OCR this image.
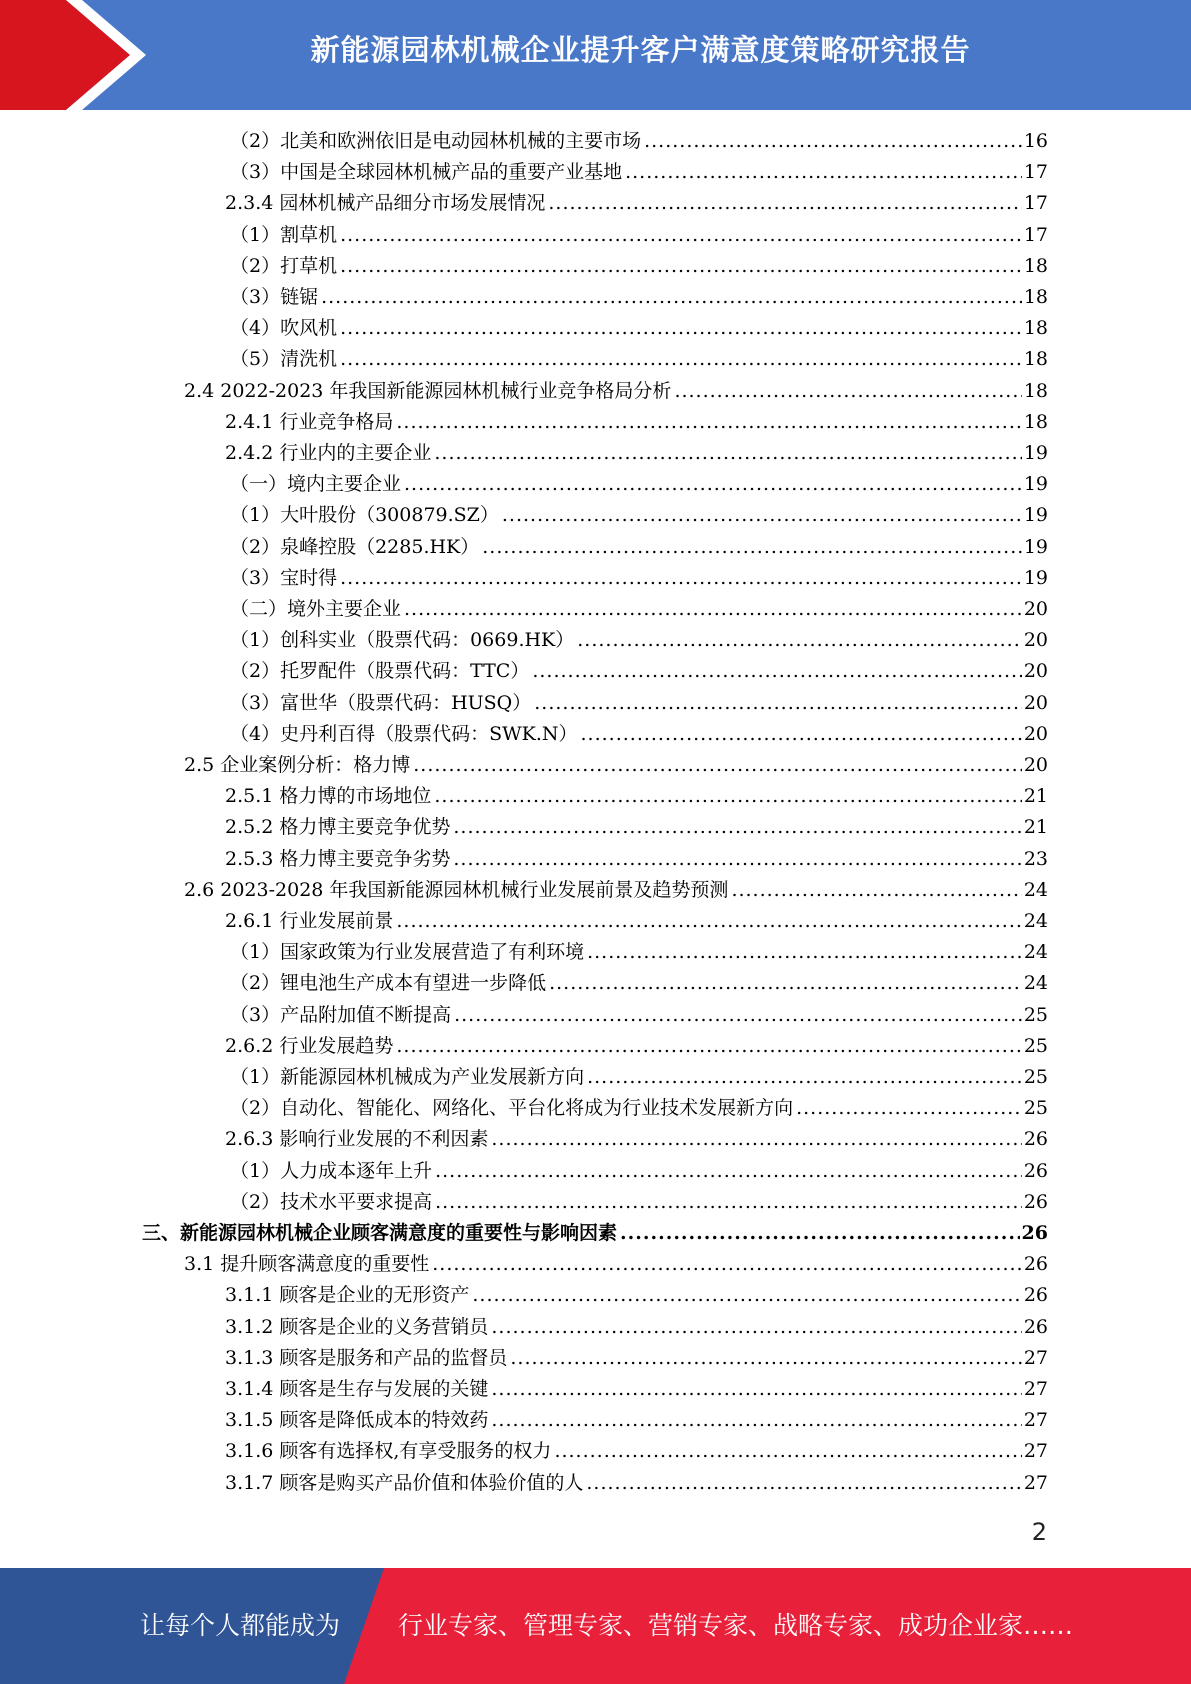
新能源园林机械企业提升客户满意度策略研究报告
（2）北美和欧洲依旧是电动园林机械的主要市场 .....	16
（3）中国是全球园林机械产品的重要产业基地 .....	17
2.3.4 园林机械产品细分市场发展情况 .....	17
（1）割草机 .....	17
（2）打草机 .....	18
（3）链锯 .....	18
（4）吹风机 .....	18
（5）清洗机 .....	18
2.4 2022-2023 年我国新能源园林机械行业竞争格局分析 .....	18
2.4.1 行业竞争格局 .....	18
2.4.2 行业内的主要企业 .....	19
（一）境内主要企业 .....	19
（1）大叶股份（300879.SZ） .....	19
（2）泉峰控股（2285.HK） .....	19
（3）宝时得 .....	19
（二）境外主要企业 .....	20
（1）创科实业（股票代码：0669.HK） .....	20
（2）托罗配件（股票代码：TTC） .....	20
（3）富世华（股票代码：HUSQ） .....	20
（4）史丹利百得（股票代码：SWK.N） .....	20
2.5 企业案例分析：格力博 .....	20
2.5.1 格力博的市场地位 .....	21
2.5.2 格力博主要竞争优势 .....	21
2.5.3 格力博主要竞争劣势 .....	23
2.6 2023-2028 年我国新能源园林机械行业发展前景及趋势预测 .....	24
2.6.1 行业发展前景 .....	24
（1）国家政策为行业发展营造了有利环境 .....	24
（2）锂电池生产成本有望进一步降低 .....	24
（3）产品附加值不断提高 .....	25
2.6.2 行业发展趋势 .....	25
（1）新能源园林机械成为产业发展新方向 .....	25
（2）自动化、智能化、网络化、平台化将成为行业技术发展新方向 .....	25
2.6.3 影响行业发展的不利因素 .....	26
（1）人力成本逐年上升 .....	26
（2）技术水平要求提高 .....	26
三、新能源园林机械企业顾客满意度的重要性与影响因素 .....	26
3.1 提升顾客满意度的重要性 .....	26
3.1.1 顾客是企业的无形资产 .....	26
3.1.2 顾客是企业的义务营销员 .....	26
3.1.3 顾客是服务和产品的监督员 .....	27
3.1.4 顾客是生存与发展的关键 .....	27
3.1.5 顾客是降低成本的特效药 .....	27
3.1.6 顾客有选择权,有享受服务的权力 .....	27
3.1.7 顾客是购买产品价值和体验价值的人 .....	27
2
让每个人都能成为 行业专家、管理专家、营销专家、战略专家、成功企业家……
